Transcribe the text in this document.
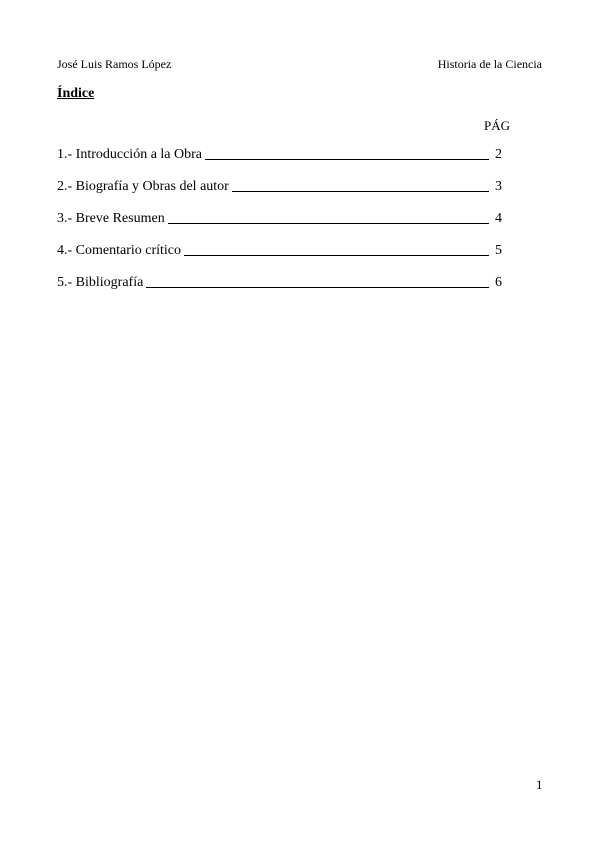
José Luis Ramos López	Historia de la Ciencia
Índice
PÁG
1.- Introducción a la Obra	2
2.- Biografía y Obras del autor	3
3.- Breve Resumen	4
4.- Comentario crítico	5
5.- Bibliografía	6
1
